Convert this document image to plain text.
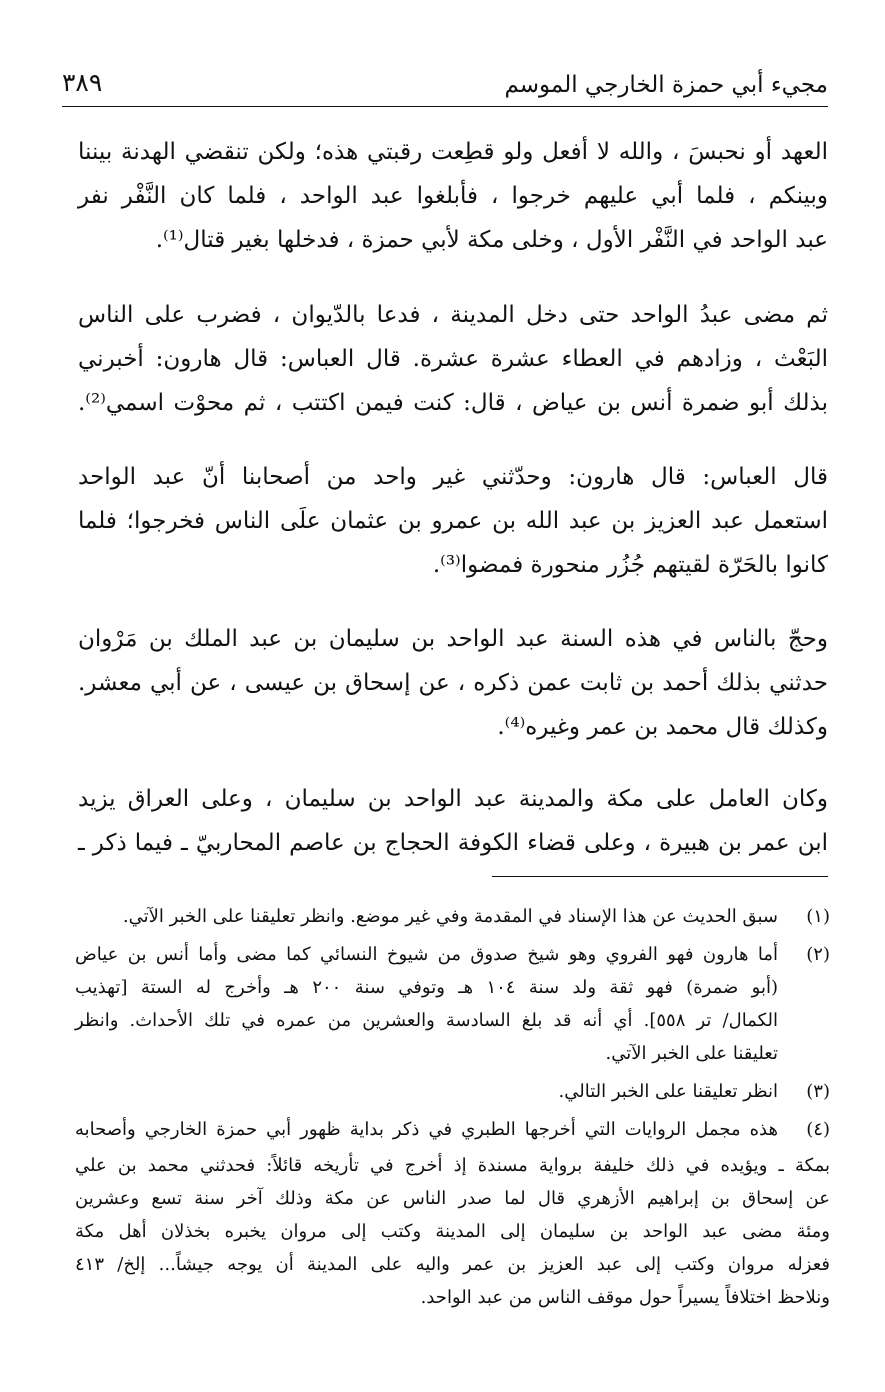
مجيء أبي حمزة الخارجي الموسم
٣٨٩
العهد أو نحبسَ ، والله لا أفعل ولو قطِعت رقبتي هذه؛ ولكن تنقضي الهدنة بيننا
وبينكم ، فلما أبي عليهم خرجوا ، فأبلغوا عبد الواحد ، فلما كان النَّفْر نفر
عبد الواحد في النَّفْر الأول ، وخلى مكة لأبي حمزة ، فدخلها بغير قتال⁽¹⁾.
ثم مضى عبدُ الواحد حتى دخل المدينة ، فدعا بالدّيوان ، فضرب على الناس
البَعْث ، وزادهم في العطاء عشرة عشرة. قال العباس: قال هارون: أخبرني
بذلك أبو ضمرة أنس بن عياض ، قال: كنت فيمن اكتتب ، ثم محوْت اسمي⁽²⁾.
قال العباس: قال هارون: وحدّثني غير واحد من أصحابنا أنّ عبد الواحد
استعمل عبد العزيز بن عبد الله بن عمرو بن عثمان علَى الناس فخرجوا؛ فلما
كانوا بالحَرّة لقيتهم جُزُر منحورة فمضوا⁽³⁾.
وحجّ بالناس في هذه السنة عبد الواحد بن سليمان بن عبد الملك بن مَرْوان
حدثني بذلك أحمد بن ثابت عمن ذكره ، عن إسحاق بن عيسى ، عن أبي معشر.
وكذلك قال محمد بن عمر وغيره⁽⁴⁾.
وكان العامل على مكة والمدينة عبد الواحد بن سليمان ، وعلى العراق يزيد
ابن عمر بن هبيرة ، وعلى قضاء الكوفة الحجاج بن عاصم المحاربيّ ـ فيما ذكر ـ
(١)
سبق الحديث عن هذا الإسناد في المقدمة وفي غير موضع. وانظر تعليقنا على الخبر الآتي.
(٢)
أما هارون فهو الفروي وهو شيخ صدوق من شيوخ النسائي كما مضى وأما أنس بن عياض
(أبو ضمرة) فهو ثقة ولد سنة ١٠٤ هـ وتوفي سنة ٢٠٠ هـ وأخرج له الستة [تهذيب
الكمال/ تر ٥٥٨]. أي أنه قد بلغ السادسة والعشرين من عمره في تلك الأحداث. وانظر
تعليقنا على الخبر الآتي.
(٣)
انظر تعليقنا على الخبر التالي.
(٤)
هذه مجمل الروايات التي أخرجها الطبري في ذكر بداية ظهور أبي حمزة الخارجي وأصحابه
بمكة ـ ويؤيده في ذلك خليفة برواية مسندة إذ أخرج في تأريخه قائلاً: فحدثني محمد بن علي
عن إسحاق بن إبراهيم الأزهري قال لما صدر الناس عن مكة وذلك آخر سنة تسع وعشرين
ومئة مضى عبد الواحد بن سليمان إلى المدينة وكتب إلى مروان يخبره بخذلان أهل مكة
فعزله مروان وكتب إلى عبد العزيز بن عمر واليه على المدينة أن يوجه جيشاً... إلخ/ ٤١٣
ونلاحظ اختلافاً يسيراً حول موقف الناس من عبد الواحد.
